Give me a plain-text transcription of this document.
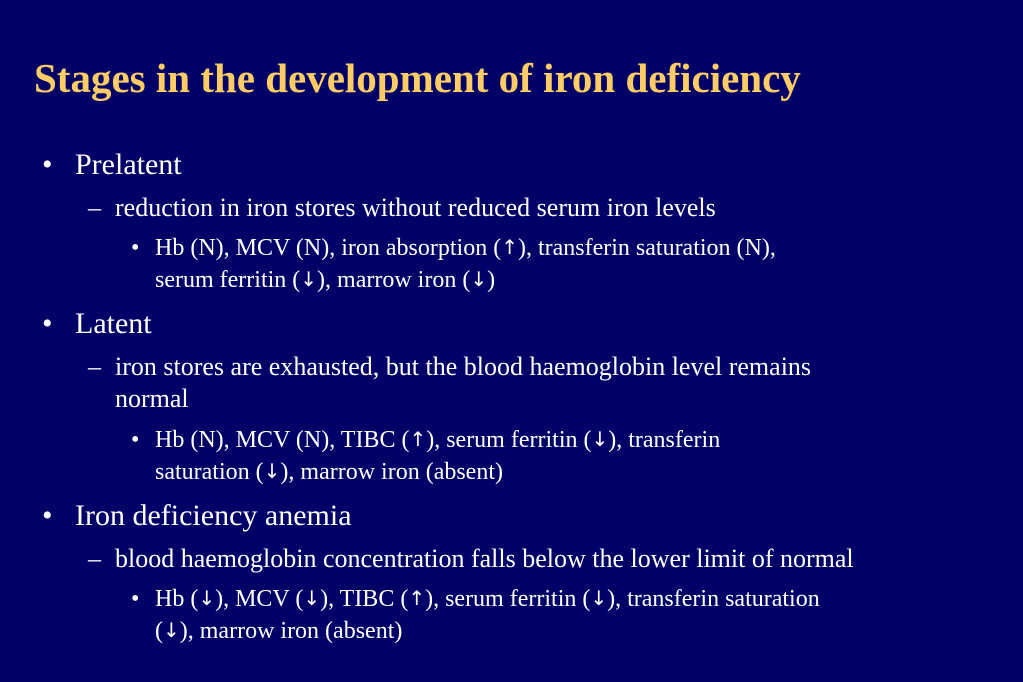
Stages in the development of iron deficiency
• Prelatent
– reduction in iron stores without reduced serum iron levels
• Hb (N), MCV (N), iron absorption (↑), transferin saturation (N),
serum ferritin (↓), marrow iron (↓)
• Latent
– iron stores are exhausted, but the blood haemoglobin level remains
normal
• Hb (N), MCV (N), TIBC (↑), serum ferritin (↓), transferin
saturation (↓), marrow iron (absent)
• Iron deficiency anemia
– blood haemoglobin concentration falls below the lower limit of normal
• Hb (↓), MCV (↓), TIBC (↑), serum ferritin (↓), transferin saturation
(↓), marrow iron (absent)
